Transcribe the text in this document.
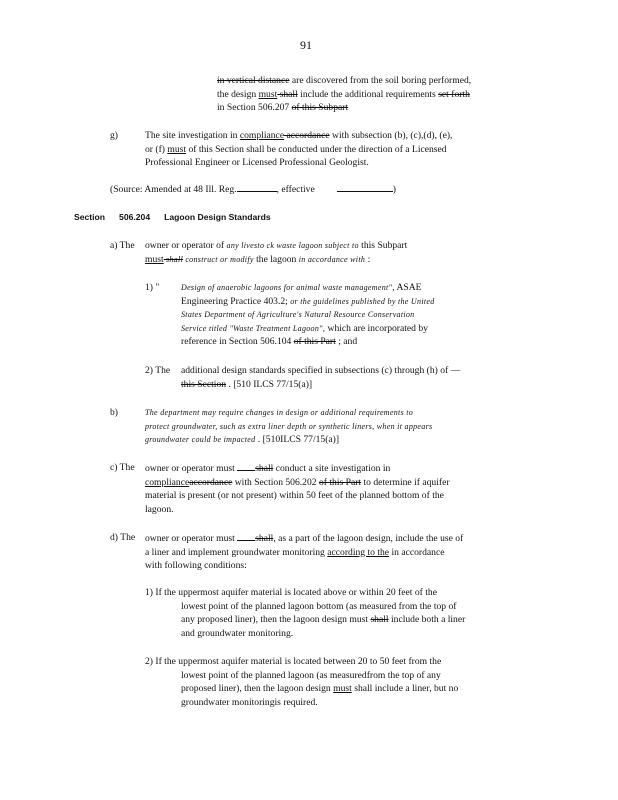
91
in vertical distance are discovered from the soil boring performed,
the design must shall include the additional requirements set forth
in Section 506.207 of this Subpart
g)	The site investigation in compliance accordance with subsection (b), (c),(d), (e),
or (f) must of this Section shall be conducted under the direction of a Licensed
Professional Engineer or Licensed Professional Geologist.
(Source: Amended at 48 Ill. Reg.	, effective	)
Section 506.204 Lagoon Design Standards
a) The owner or operator of any livesto ck waste lagoon subject to this Subpart
must shall construct or modify the lagoon in accordance with :
1) "	Design of anaerobic lagoons for animal waste management", ASAE
Engineering Practice 403.2; or the guidelines published by the United
States Department of Agriculture's Natural Resource Conservation
Service titled "Waste Treatment Lagoon", which are incorporated by
reference in Section 506.104 of this Part ; and
2) The additional design standards specified in subsections (c) through (h) of —
this Section . [510 ILCS 77/15(a)]
b)	The department may require changes in design or additional requirements to
protect groundwater, such as extra liner depth or synthetic liners, when it appears
groundwater could be impacted . [510ILCS 77/15(a)]
c) The owner or operator must shall conduct a site investigation in
complianceaccordance with Section 506.202 of this Part to determine if aquifer
material is present (or not present) within 50 feet of the planned bottom of the
lagoon.
d) The owner or operator must shall, as a part of the lagoon design, include the use of
a liner and implement groundwater monitoring according to the in accordance
with following conditions:
1) If the uppermost aquifer material is located above or within 20 feet of the
lowest point of the planned lagoon bottom (as measured from the top of
any proposed liner), then the lagoon design must shall include both a liner
and groundwater monitoring.
2) If the uppermost aquifer material is located between 20 to 50 feet from the
lowest point of the planned lagoon (as measuredfrom the top of any
proposed liner), then the lagoon design must shall include a liner, but no
groundwater monitoringis required.
